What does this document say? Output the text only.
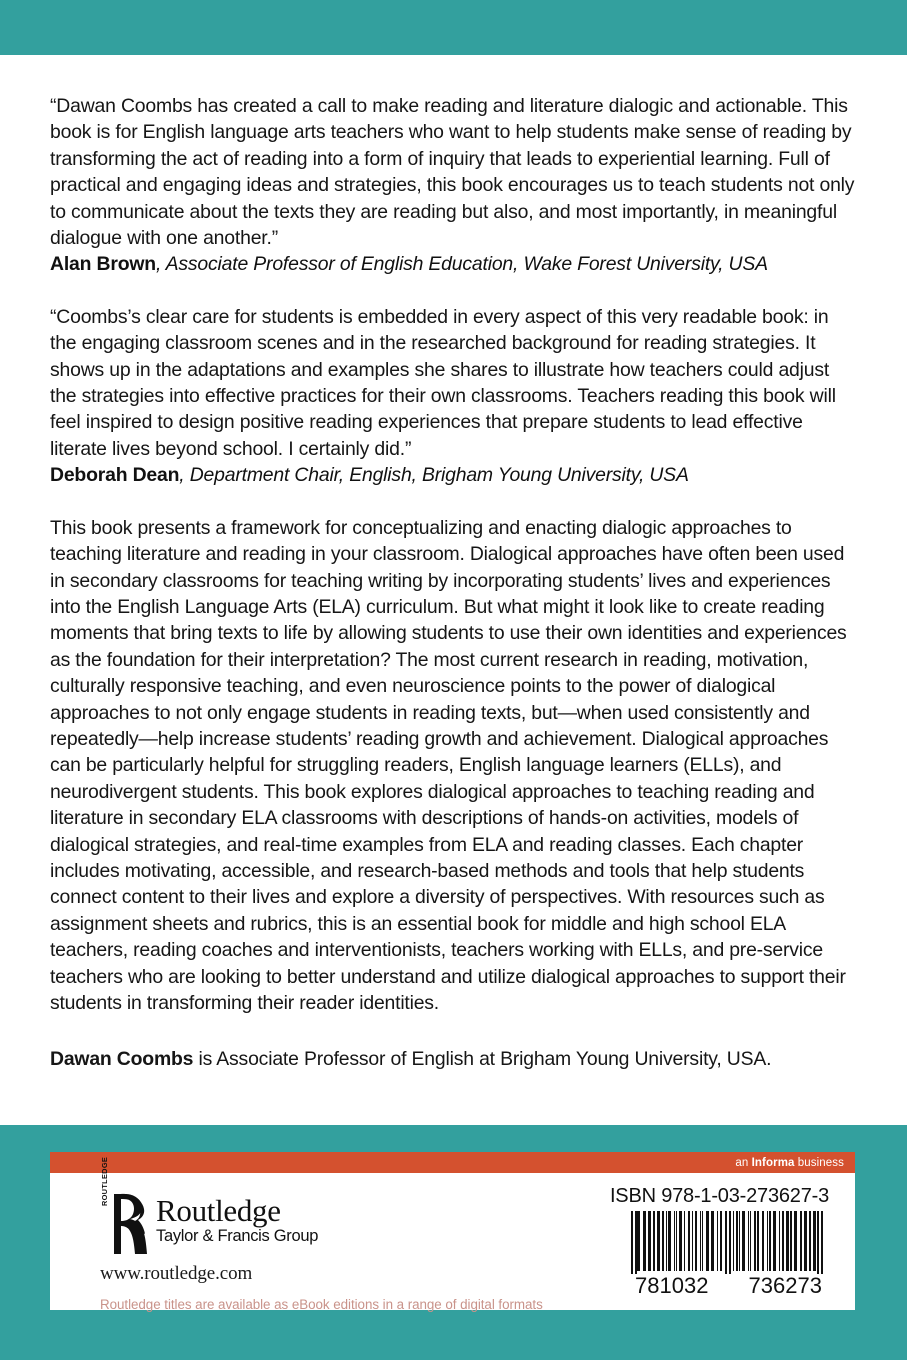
“Dawan Coombs has created a call to make reading and literature dialogic and actionable. This book is for English language arts teachers who want to help students make sense of reading by transforming the act of reading into a form of inquiry that leads to experiential learning. Full of practical and engaging ideas and strategies, this book encourages us to teach students not only to communicate about the texts they are reading but also, and most importantly, in meaningful dialogue with one another.”

Alan Brown, Associate Professor of English Education, Wake Forest University, USA

“Coombs’s clear care for students is embedded in every aspect of this very readable book: in the engaging classroom scenes and in the researched background for reading strategies. It shows up in the adaptations and examples she shares to illustrate how teachers could adjust the strategies into effective practices for their own classrooms. Teachers reading this book will feel inspired to design positive reading experiences that prepare students to lead effective literate lives beyond school. I certainly did.”

Deborah Dean, Department Chair, English, Brigham Young University, USA

This book presents a framework for conceptualizing and enacting dialogic approaches to teaching literature and reading in your classroom. Dialogical approaches have often been used in secondary classrooms for teaching writing by incorporating students’ lives and experiences into the English Language Arts (ELA) curriculum. But what might it look like to create reading moments that bring texts to life by allowing students to use their own identities and experiences as the foundation for their interpretation? The most current research in reading, motivation, culturally responsive teaching, and even neuroscience points to the power of dialogical approaches to not only engage students in reading texts, but—when used consistently and repeatedly—help increase students’ reading growth and achievement. Dialogical approaches can be particularly helpful for struggling readers, English language learners (ELLs), and neurodivergent students. This book explores dialogical approaches to teaching reading and literature in secondary ELA classrooms with descriptions of hands-on activities, models of dialogical strategies, and real-time examples from ELA and reading classes. Each chapter includes motivating, accessible, and research-based methods and tools that help students connect content to their lives and explore a diversity of perspectives. With resources such as assignment sheets and rubrics, this is an essential book for middle and high school ELA teachers, reading coaches and interventionists, teachers working with ELLs, and pre-service teachers who are looking to better understand and utilize dialogical approaches to support their students in transforming their reader identities.

Dawan Coombs is Associate Professor of English at Brigham Young University, USA.

an Informa business
ROUTLEDGE
Routledge
Taylor & Francis Group
www.routledge.com
Routledge titles are available as eBook editions in a range of digital formats
ISBN 978-1-03-273627-3
781032 736273
